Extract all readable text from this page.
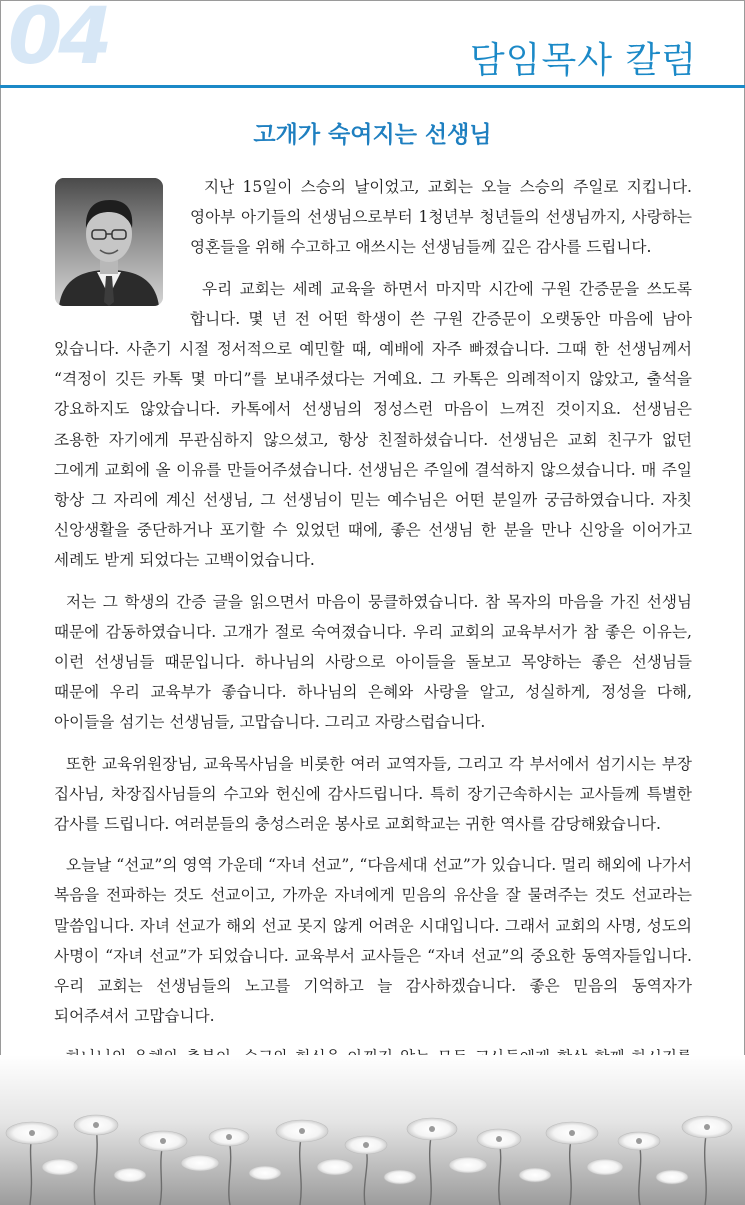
04	담임목사 칼럼
고개가 숙여지는 선생님

지난 15일이 스승의 날이었고, 교회는 오늘 스승의 주일로 지킵니다. 영아부 아기들의 선생님으로부터 1청년부 청년들의 선생님까지, 사랑하는 영혼들을 위해 수고하고 애쓰시는 선생님들께 깊은 감사를 드립니다.

우리 교회는 세례 교육을 하면서 마지막 시간에 구원 간증문을 쓰도록 합니다. 몇 년 전 어떤 학생이 쓴 구원 간증문이 오랫동안 마음에 남아 있습니다. 사춘기 시절 정서적으로 예민할 때, 예배에 자주 빠졌습니다. 그때 한 선생님께서 “격정이 깃든 카톡 몇 마디”를 보내주셨다는 거예요. 그 카톡은 의례적이지 않았고, 출석을 강요하지도 않았습니다. 카톡에서 선생님의 정성스런 마음이 느껴진 것이지요. 선생님은 조용한 자기에게 무관심하지 않으셨고, 항상 친절하셨습니다. 선생님은 교회 친구가 없던 그에게 교회에 올 이유를 만들어주셨습니다. 선생님은 주일에 결석하지 않으셨습니다. 매 주일 항상 그 자리에 계신 선생님, 그 선생님이 믿는 예수님은 어떤 분일까 궁금하였습니다. 자칫 신앙생활을 중단하거나 포기할 수 있었던 때에, 좋은 선생님 한 분을 만나 신앙을 이어가고 세례도 받게 되었다는 고백이었습니다.

저는 그 학생의 간증 글을 읽으면서 마음이 뭉클하였습니다. 참 목자의 마음을 가진 선생님 때문에 감동하였습니다. 고개가 절로 숙여졌습니다. 우리 교회의 교육부서가 참 좋은 이유는, 이런 선생님들 때문입니다. 하나님의 사랑으로 아이들을 돌보고 목양하는 좋은 선생님들 때문에 우리 교육부가 좋습니다. 하나님의 은혜와 사랑을 알고, 성실하게, 정성을 다해, 아이들을 섬기는 선생님들, 고맙습니다. 그리고 자랑스럽습니다.

또한 교육위원장님, 교육목사님을 비롯한 여러 교역자들, 그리고 각 부서에서 섬기시는 부장 집사님, 차장집사님들의 수고와 헌신에 감사드립니다. 특히 장기근속하시는 교사들께 특별한 감사를 드립니다. 여러분들의 충성스러운 봉사로 교회학교는 귀한 역사를 감당해왔습니다.

오늘날 “선교”의 영역 가운데 “자녀 선교”, “다음세대 선교”가 있습니다. 멀리 해외에 나가서 복음을 전파하는 것도 선교이고, 가까운 자녀에게 믿음의 유산을 잘 물려주는 것도 선교라는 말씀입니다. 자녀 선교가 해외 선교 못지 않게 어려운 시대입니다. 그래서 교회의 사명, 성도의 사명이 “자녀 선교”가 되었습니다. 교육부서 교사들은 “자녀 선교”의 중요한 동역자들입니다. 우리 교회는 선생님들의 노고를 기억하고 늘 감사하겠습니다. 좋은 믿음의 동역자가 되어주셔서 고맙습니다.
